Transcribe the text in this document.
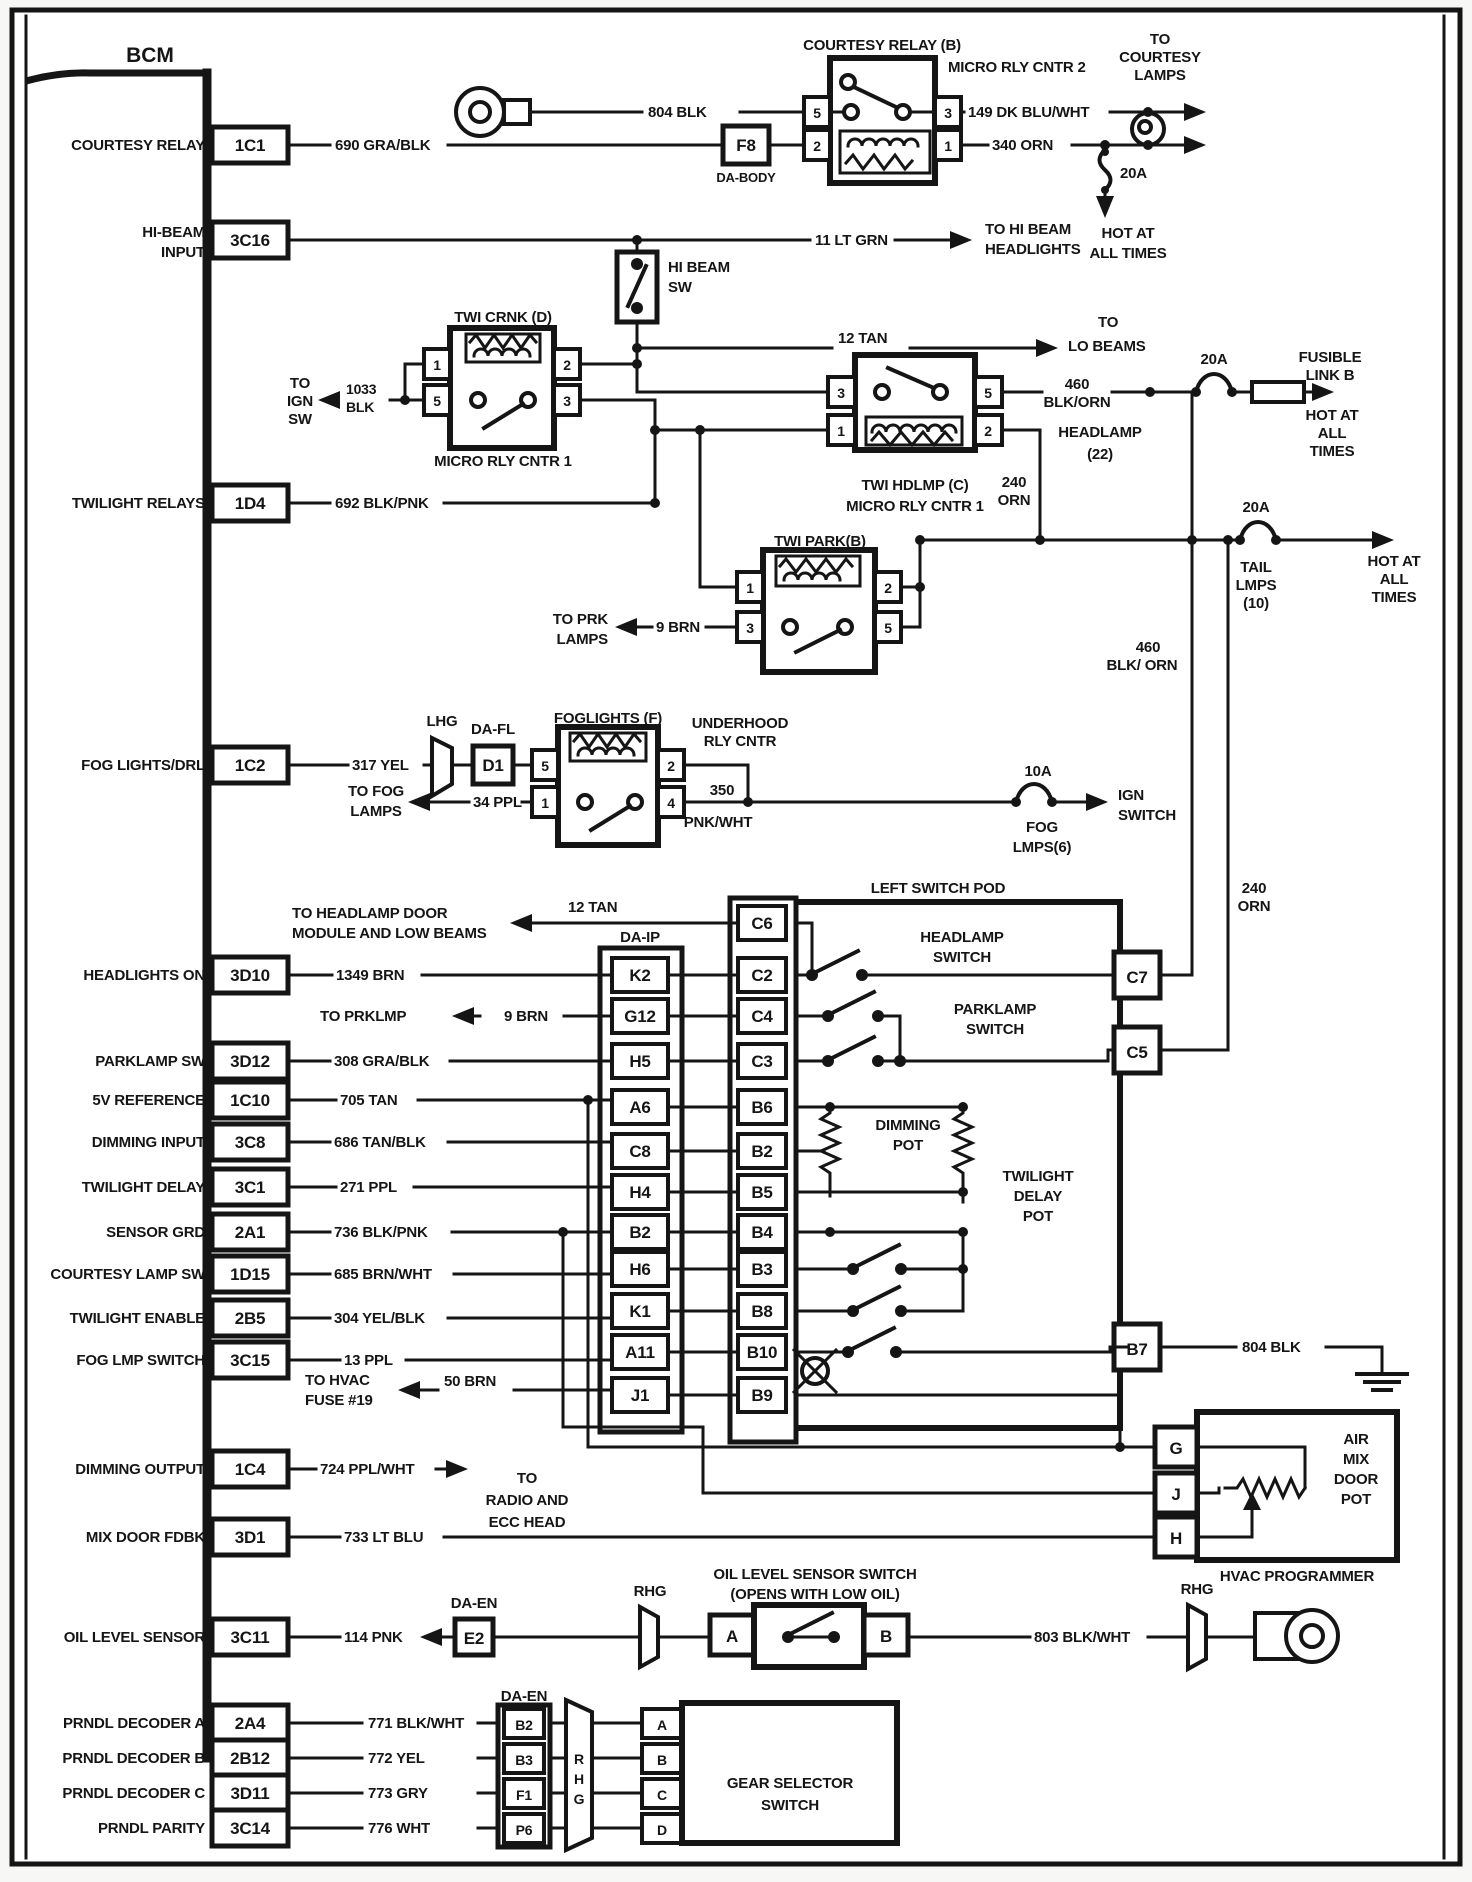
BCM
COURTESY RELAY 1C1
HI-BEAM
INPUT
3C16
TWILIGHT RELAYS 1D4
FOG LIGHTS/DRL 1C2
HEADLIGHTS ON 3D10
PARKLAMP SW 3D12
5V REFERENCE 1C10
DIMMING INPUT 3C8
TWILIGHT DELAY 3C1
SENSOR GRD 2A1
COURTESY LAMP SW 1D15
TWILIGHT ENABLE 2B5
FOG LMP SWITCH 3C15
DIMMING OUTPUT 1C4
MIX DOOR FDBK 3D1
OIL LEVEL SENSOR 3C11
PRNDL DECODER A 2A4
PRNDL DECODER B 2B12
PRNDL DECODER C 3D11
PRNDL PARITY 3C14
690 GRA/BLK	F8
DA-BODY
804 BLK
COURTESY RELAY (B)
MICRO RLY CNTR 2
5	3
2	1
149 DK BLU/WHT
340 ORN
20A
HOT AT
ALL TIMES
TO
COURTESY
LAMPS
11 LT GRN
TO HI BEAM
HEADLIGHTS
HI BEAM
SW
12 TAN
TO
LO BEAMS
TWI CRNK (D)
1	2
5	3
MICRO RLY CNTR 1
1033
BLK
TO
IGN
SW
692 BLK/PNK
3	5
1	2
TWI HDLMP (C)
MICRO RLY CNTR 1
460
BLK/ORN
20A	FUSIBLE
LINK B
HOT AT
ALL
TIMES
HEADLAMP
(22)
240
ORN	20A
HOT AT
ALL
TIMES
TAIL
LMPS
(10)
460
BLK/ ORN
240
ORN
TWI PARK(B)
1	2
3	5
9 BRN
TO PRK
LAMPS
317 YEL
LHG
D1
DA-FL
FOGLIGHTS (F)
5	2
1	4
TO FOG
LAMPS
34 PPL
UNDERHOOD
RLY CNTR
350
PNK/WHT
10A
IGN
SWITCH
FOG
LMPS(6)
LEFT SWITCH POD
DA-IP
K2
G12
H5
A6
C8
H4
B2
H6
K1
A11
J1
C6
C2
C4
C3
B6
B2
B5
B4
B3
B8
B10
B9
TO HEADLAMP DOOR
MODULE AND LOW BEAMS
12 TAN
HEADLAMP
SWITCH
PARKLAMP
SWITCH
C7
C5
B7
DIMMING
POT
TWILIGHT
DELAY
POT
1349 BRN
TO PRKLMP	9 BRN
308 GRA/BLK
705 TAN
686 TAN/BLK
271 PPL
736 BLK/PNK
685 BRN/WHT
304 YEL/BLK
13 PPL
TO HVAC
FUSE #19
50 BRN
724 PPL/WHT
TO
RADIO AND
ECC HEAD
733 LT BLU
HVAC PROGRAMMER
G
J
H
AIR
MIX
DOOR
POT
114 PNK	E2
DA-EN
RHG
OIL LEVEL SENSOR SWITCH
(OPENS WITH LOW OIL)
A	B	803 BLK/WHT
RHG
771 BLK/WHT
772 YEL
773 GRY
776 WHT
DA-EN
B2
B3
F1
P6
R
H
G
A
B
C
D
GEAR SELECTOR
SWITCH
804 BLK
